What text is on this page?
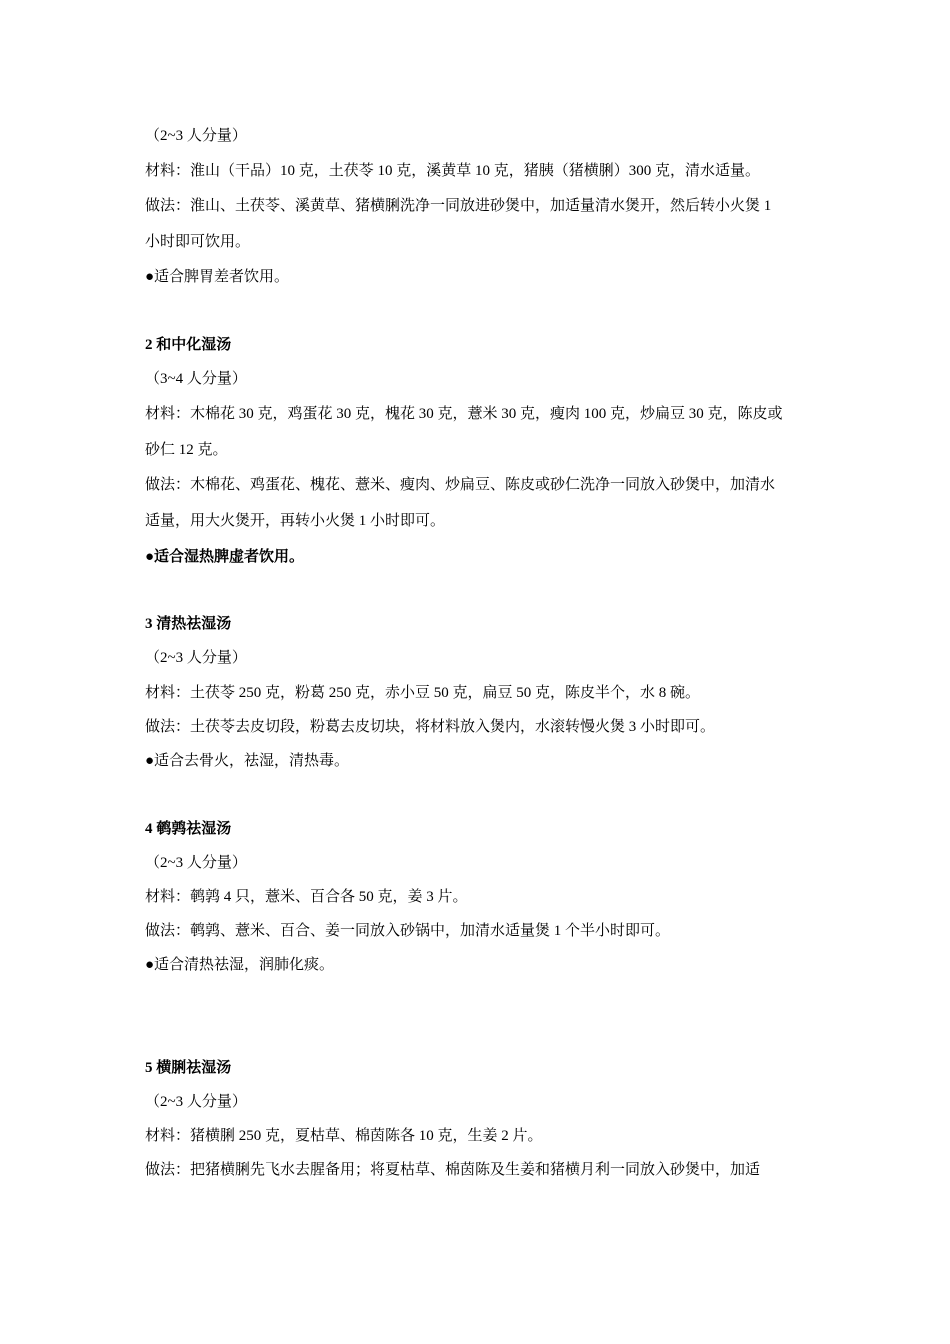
（2~3 人分量）
材料：淮山（干品）10 克，土茯苓 10 克，溪黄草 10 克，猪胰（猪横脷）300 克，清水适量。
做法：淮山、土茯苓、溪黄草、猪横脷洗净一同放进砂煲中，加适量清水煲开，然后转小火煲 1
小时即可饮用。
●适合脾胃差者饮用。
2 和中化湿汤
（3~4 人分量）
材料：木棉花 30 克，鸡蛋花 30 克，槐花 30 克，薏米 30 克，瘦肉 100 克，炒扁豆 30 克，陈皮或
砂仁 12 克。
做法：木棉花、鸡蛋花、槐花、薏米、瘦肉、炒扁豆、陈皮或砂仁洗净一同放入砂煲中，加清水
适量，用大火煲开，再转小火煲 1 小时即可。
●适合湿热脾虚者饮用。
3 清热祛湿汤
（2~3 人分量）
材料：土茯苓 250 克，粉葛 250 克，赤小豆 50 克，扁豆 50 克，陈皮半个，水 8 碗。
做法：土茯苓去皮切段，粉葛去皮切块，将材料放入煲内，水滚转慢火煲 3 小时即可。
●适合去骨火，祛湿，清热毒。
4 鹌鹑祛湿汤
（2~3 人分量）
材料：鹌鹑 4 只，薏米、百合各 50 克，姜 3 片。
做法：鹌鹑、薏米、百合、姜一同放入砂锅中，加清水适量煲 1 个半小时即可。
●适合清热祛湿，润肺化痰。
5 横脷祛湿汤
（2~3 人分量）
材料：猪横脷 250 克，夏枯草、棉茵陈各 10 克，生姜 2 片。
做法：把猪横脷先飞水去腥备用；将夏枯草、棉茵陈及生姜和猪横月利一同放入砂煲中，加适
